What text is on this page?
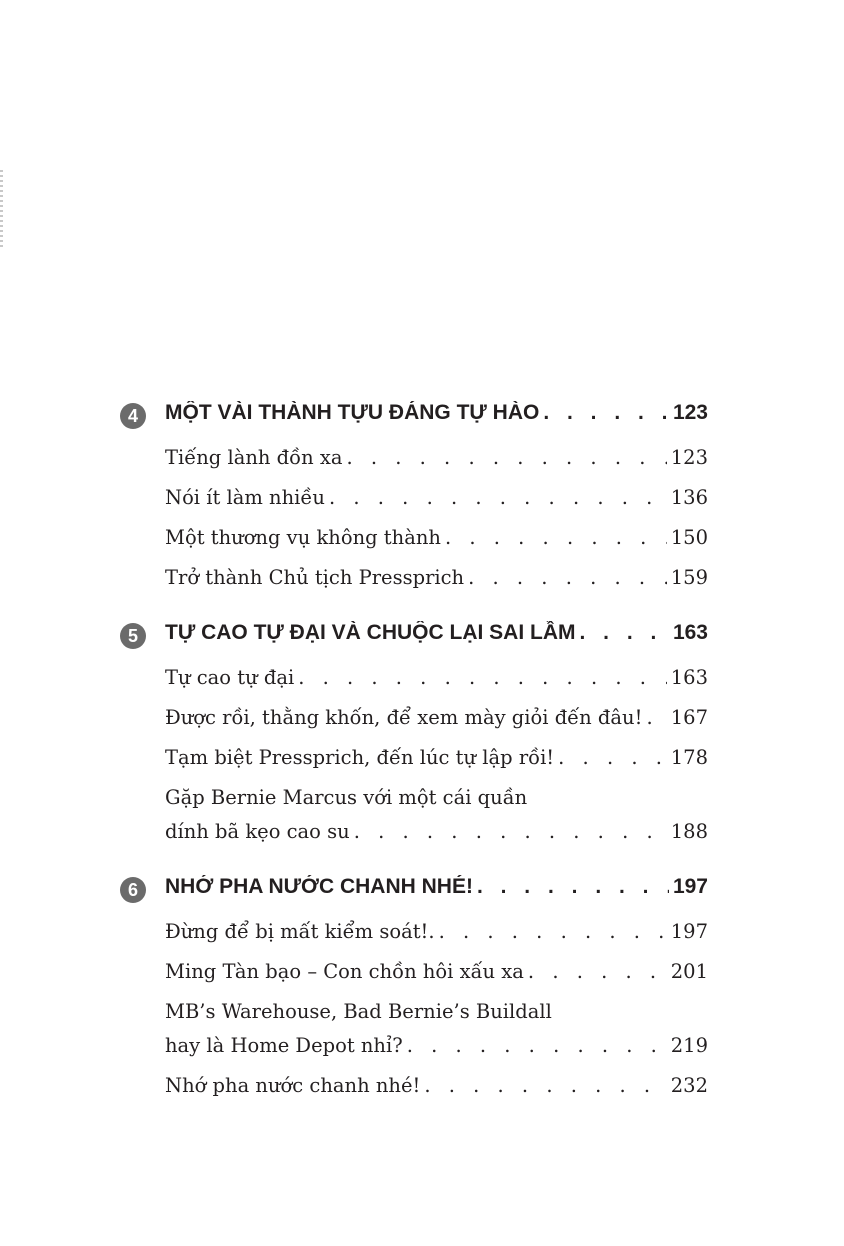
4	MỘT VÀI THÀNH TỰU ĐÁNG TỰ HÀO . . .	123
Tiếng lành đồn xa . . .	123
Nói ít làm nhiều . . .	136
Một thương vụ không thành . . .	150
Trở thành Chủ tịch Pressprich . . .	159
5	TỰ CAO TỰ ĐẠI VÀ CHUỘC LẠI SAI LẦM . . .	163
Tự cao tự đại . . .	163
Được rồi, thằng khốn, để xem mày giỏi đến đâu! . . . 167
Tạm biệt Pressprich, đến lúc tự lập rồi! . . .	178
Gặp Bernie Marcus với một cái quần
dính bã kẹo cao su . . .	188
6	NHỚ PHA NƯỚC CHANH NHÉ! . . .	197
Đừng để bị mất kiểm soát!. . . .	197
Ming Tàn bạo – Con chồn hôi xấu xa . . .	201
MB’s Warehouse, Bad Bernie’s Buildall
hay là Home Depot nhỉ? . . .	219
Nhớ pha nước chanh nhé! . . .	232
